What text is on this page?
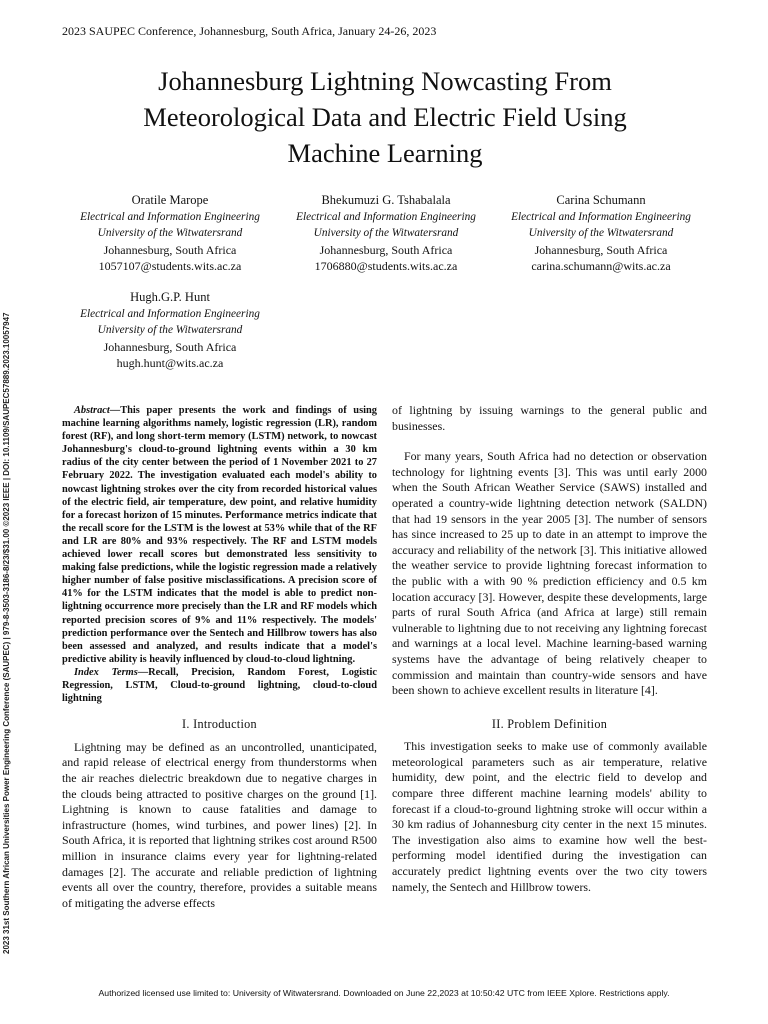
2023 SAUPEC Conference, Johannesburg, South Africa, January 24-26, 2023
Johannesburg Lightning Nowcasting From
Meteorological Data and Electric Field Using
Machine Learning
Oratile Marope
Electrical and Information Engineering
University of the Witwatersrand
Johannesburg, South Africa
1057107@students.wits.ac.za
Bhekumuzi G. Tshabalala
Electrical and Information Engineering
University of the Witwatersrand
Johannesburg, South Africa
1706880@students.wits.ac.za
Carina Schumann
Electrical and Information Engineering
University of the Witwatersrand
Johannesburg, South Africa
carina.schumann@wits.ac.za
Hugh.G.P. Hunt
Electrical and Information Engineering
University of the Witwatersrand
Johannesburg, South Africa
hugh.hunt@wits.ac.za
2023 31st Southern African Universities Power Engineering Conference (SAUPEC) | 979-8-3503-3186-8/23/$31.00 ©2023 IEEE | DOI: 10.1109/SAUPEC57889.2023.10057947	Abstract—This paper presents the work and findings of using machine learning algorithms namely, logistic regression (LR), random forest (RF), and long short-term memory (LSTM) network, to nowcast Johannesburg's cloud-to-ground lightning events within a 30 km radius of the city center between the period of 1 November 2021 to 27 February 2022. The investigation evaluated each model's ability to nowcast lightning strokes over the city from recorded historical values of the electric field, air temperature, dew point, and relative humidity for a forecast horizon of 15 minutes. Performance metrics indicate that the recall score for the LSTM is the lowest at 53% while that of the RF and LR are 80% and 93% respectively. The RF and LSTM models achieved lower recall scores but demonstrated less sensitivity to making false predictions, while the logistic regression made a relatively higher number of false positive misclassifications. A precision score of 41% for the LSTM indicates that the model is able to predict non-lightning occurrence more precisely than the LR and RF models which reported precision scores of 9% and 11% respectively. The models' prediction performance over the Sentech and Hillbrow towers has also been assessed and analyzed, and results indicate that a model's predictive ability is heavily influenced by cloud-to-cloud lightning.

Index Terms—Recall, Precision, Random Forest, Logistic Regression, LSTM, Cloud-to-ground lightning, cloud-to-cloud lightning

I. Introduction

Lightning may be defined as an uncontrolled, unanticipated, and rapid release of electrical energy from thunderstorms when the air reaches dielectric breakdown due to negative charges in the clouds being attracted to positive charges on the ground [1]. Lightning is known to cause fatalities and damage to infrastructure (homes, wind turbines, and power lines) [2]. In South Africa, it is reported that lightning strikes cost around R500 million in insurance claims every year for lightning-related damages [2]. The accurate and reliable prediction of lightning events all over the country, therefore, provides a suitable means of mitigating the adverse effects

of lightning by issuing warnings to the general public and businesses.

For many years, South Africa had no detection or observation technology for lightning events [3]. This was until early 2000 when the South African Weather Service (SAWS) installed and operated a country-wide lightning detection network (SALDN) that had 19 sensors in the year 2005 [3]. The number of sensors has since increased to 25 up to date in an attempt to improve the accuracy and reliability of the network [3]. This initiative allowed the weather service to provide lightning forecast information to the public with a with 90 % prediction efficiency and 0.5 km location accuracy [3]. However, despite these developments, large parts of rural South Africa (and Africa at large) still remain vulnerable to lightning due to not receiving any lightning forecast and warnings at a local level. Machine learning-based warning systems have the advantage of being relatively cheaper to commission and maintain than country-wide sensors and have been shown to achieve excellent results in literature [4].

II. Problem Definition

This investigation seeks to make use of commonly available meteorological parameters such as air temperature, relative humidity, dew point, and the electric field to develop and compare three different machine learning models' ability to forecast if a cloud-to-ground lightning stroke will occur within a 30 km radius of Johannesburg city center in the next 15 minutes. The investigation also aims to examine how well the best-performing model identified during the investigation can accurately predict lightning events over the two city towers namely, the Sentech and Hillbrow towers.

Authorized licensed use limited to: University of Witwatersrand. Downloaded on June 22,2023 at 10:50:42 UTC from IEEE Xplore. Restrictions apply.
